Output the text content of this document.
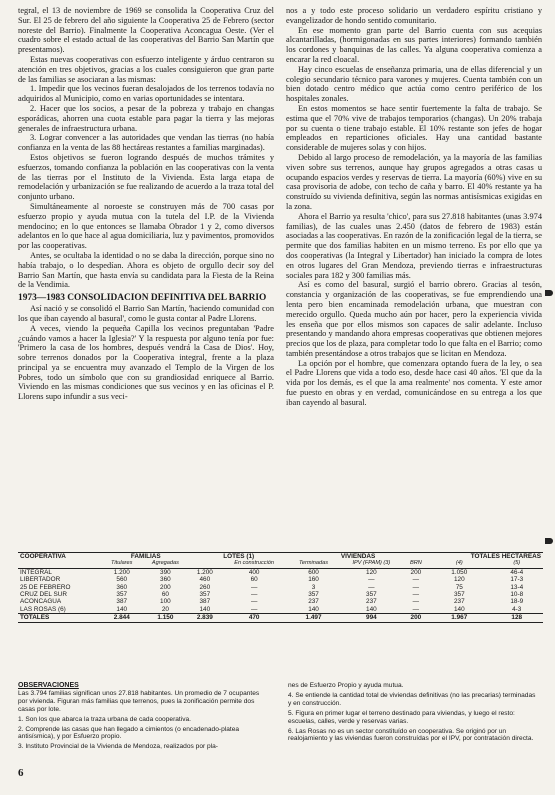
tegral, el 13 de noviembre de 1969 se consolida la Cooperativa Cruz del Sur. El 25 de febrero del año siguiente la Cooperativa 25 de Febrero (sector noreste del Barrio). Finalmente la Cooperativa Aconcagua Oeste. (Ver el cuadro sobre el estado actual de las cooperativas del Barrio San Martín que presentamos).

Estas nuevas cooperativas con esfuerzo inteligente y árduo centraron su atención en tres objetivos, gracias a los cuales consiguieron que gran parte de las familias se asociaran a las mismas:

1. Impedir que los vecinos fueran desalojados de los terrenos todavía no adquiridos al Municipio, como en varias oportunidades se intentara.

2. Hacer que los socios, a pesar de la pobreza y trabajo en changas esporádicas, ahorren una cuota estable para pagar la tierra y las mejoras generales de infraestructura urbana.

3. Lograr convencer a las autoridades que vendan las tierras (no había confianza en la venta de las 88 hectáreas restantes a familias marginadas).

Estos objetivos se fueron logrando después de muchos trámites y esfuerzos, tomando confianza la población en las cooperativas con la venta de las tierras por el Instituto de la Vivienda. Esta larga etapa de remodelación y urbanización se fue realizando de acuerdo a la traza total del conjunto urbano.

Simultáneamente al noroeste se construyen más de 700 casas por esfuerzo propio y ayuda mutua con la tutela del I.P. de la Vivienda mendocino; en lo que entonces se llamaba Obrador 1 y 2, como diversos adelantos en lo que hace al agua domiciliaria, luz y pavimentos, promovidos por las cooperativas.

Antes, se ocultaba la identidad o no se daba la dirección, porque sino no había trabajo, o lo despedían. Ahora es objeto de orgullo decir soy del Barrio San Martín, que hasta envía su candidata para la Fiesta de la Reina de la Vendimia.

1973—1983 CONSOLIDACION DEFINITIVA DEL BARRIO

Así nació y se consolidó el Barrio San Martín, 'haciendo comunidad con los que iban cayendo al basural', como le gusta contar al Padre Llorens.

A veces, viendo la pequeña Capilla los vecinos preguntaban 'Padre ¿cuándo vamos a hacer la Iglesia?' Y la respuesta por alguno tenía por fue: 'Primero la casa de los hombres, después vendrá la Casa de Dios'. Hoy, sobre terrenos donados por la Cooperativa integral, frente a la plaza principal ya se encuentra muy avanzado el Templo de la Virgen de los Pobres, todo un símbolo que con su grandiosidad enriquece al Barrio. Viviendo en las mismas condiciones que sus vecinos y en las oficinas el P. Llorens supo infundir a sus veci-

nos a y todo este proceso solidario un verdadero espíritu cristiano y evangelizador de hondo sentido comunitario.

En ese momento gran parte del Barrio cuenta con sus acequias alcantarilladas, (hormigonadas en sus partes interiores) formando también los cordones y banquinas de las calles. Ya alguna cooperativa comienza a encarar la red cloacal.

Hay cinco escuelas de enseñanza primaria, una de ellas diferencial y un colegio secundario técnico para varones y mujeres. Cuenta también con un bien dotado centro médico que actúa como centro periférico de los hospitales zonales.

En estos momentos se hace sentir fuertemente la falta de trabajo. Se estima que el 70% vive de trabajos temporarios (changas). Un 20% trabaja por su cuenta o tiene trabajo estable. El 10% restante son jefes de hogar empleados en reparticiones oficiales. Hay una cantidad bastante considerable de mujeres solas y con hijos.

Debido al largo proceso de remodelación, ya la mayoría de las familias viven sobre sus terrenos, aunque hay grupos agregados a otras casas u ocupando espacios verdes y reservas de tierra. La mayoría (60%) vive en su casa provisoria de adobe, con techo de caña y barro. El 40% restante ya ha construído su vivienda definitiva, según las normas antisísmicas exigidas en la zona.

Ahora el Barrio ya resulta 'chico', para sus 27.818 habitantes (unas 3.974 familias), de las cuales unas 2.450 (datos de febrero de 1983) están asociadas a las cooperativas. En razón de la zonificación legal de la tierra, se permite que dos familias habiten en un mismo terreno. Es por ello que ya dos cooperativas (la Integral y Libertador) han iniciado la compra de lotes en otros lugares del Gran Mendoza, previendo tierras e infraestructuras sociales para 182 y 300 familias más.

Así es como del basural, surgió el barrio obrero. Gracias al tesón, constancia y organización de las cooperativas, se fue emprendiendo una lenta pero bien encaminada remodelación urbana, que muestran con merecido orgullo. Queda mucho aún por hacer, pero la experiencia vivida les enseña que por ellos mismos son capaces de salir adelante. Incluso presentando y mandando ahora empresas cooperativas que obtienen mejores precios que los de plaza, para completar todo lo que falta en el Barrio; como también presentándose a otros trabajos que se licitan en Mendoza.

La opción por el hombre, que comenzara optando fuera de la ley, o sea el Padre Llorens que vida a todo eso, desde hace casi 40 años. 'El que da la vida por los demás, es el que la ama realmente' nos comenta. Y este amor fue puesto en obras y en verdad, comunicándose en su entrega a los que iban cayendo al basural.

COOPERATIVA	FAMILIAS		LOTES (1)		VIVIENDAS			TOTALES HECTAREAS	
	Titulares	Agregadas		En construcción	Terminadas	IPV (FPAM) (3)	BRN	(4)	(5)
INTEGRAL	1.200	390	1.200	400	600	120	200	1.050	46-4
LIBERTADOR	560	360	460	60	160	—	—	120	17-3
25 DE FEBRERO	360	200	260	—	3	—	—	75	13-4
CRUZ DEL SUR	357	60	357	—	357	357	—	357	10-8
ACONCAGUA	387	100	387	—	237	237	—	237	18-9
LAS ROSAS (6)	140	20	140	—	140	140	—	140	4-3
TOTALES	2.844	1.150	2.839	470	1.497	994	200	1.967	128
OBSERVACIONES

Las 3.794 familias significan unos 27.818 habitantes. Un promedio de 7 ocupantes por vivienda. Figuran más familias que terrenos, pues la zonificación permite dos casas por lote.

1. Son los que abarca la traza urbana de cada cooperativa.

2. Comprende las casas que han llegado a cimientos (o encadenado-platea antisísmica), y por Esfuerzo propio.

3. Instituto Provincial de la Vivienda de Mendoza, realizados por pla-

nes de Esfuerzo Propio y ayuda mutua.

4. Se entiende la cantidad total de viviendas definitivas (no las precarias) terminadas y en construcción.

5. Figura en primer lugar el terreno destinado para viviendas, y luego el resto: escuelas, calles, verde y reservas varias.

6. Las Rosas no es un sector constituído en cooperativa. Se originó por un realojamiento y las viviendas fueron construídas por el IPV, por contratación directa.

6
